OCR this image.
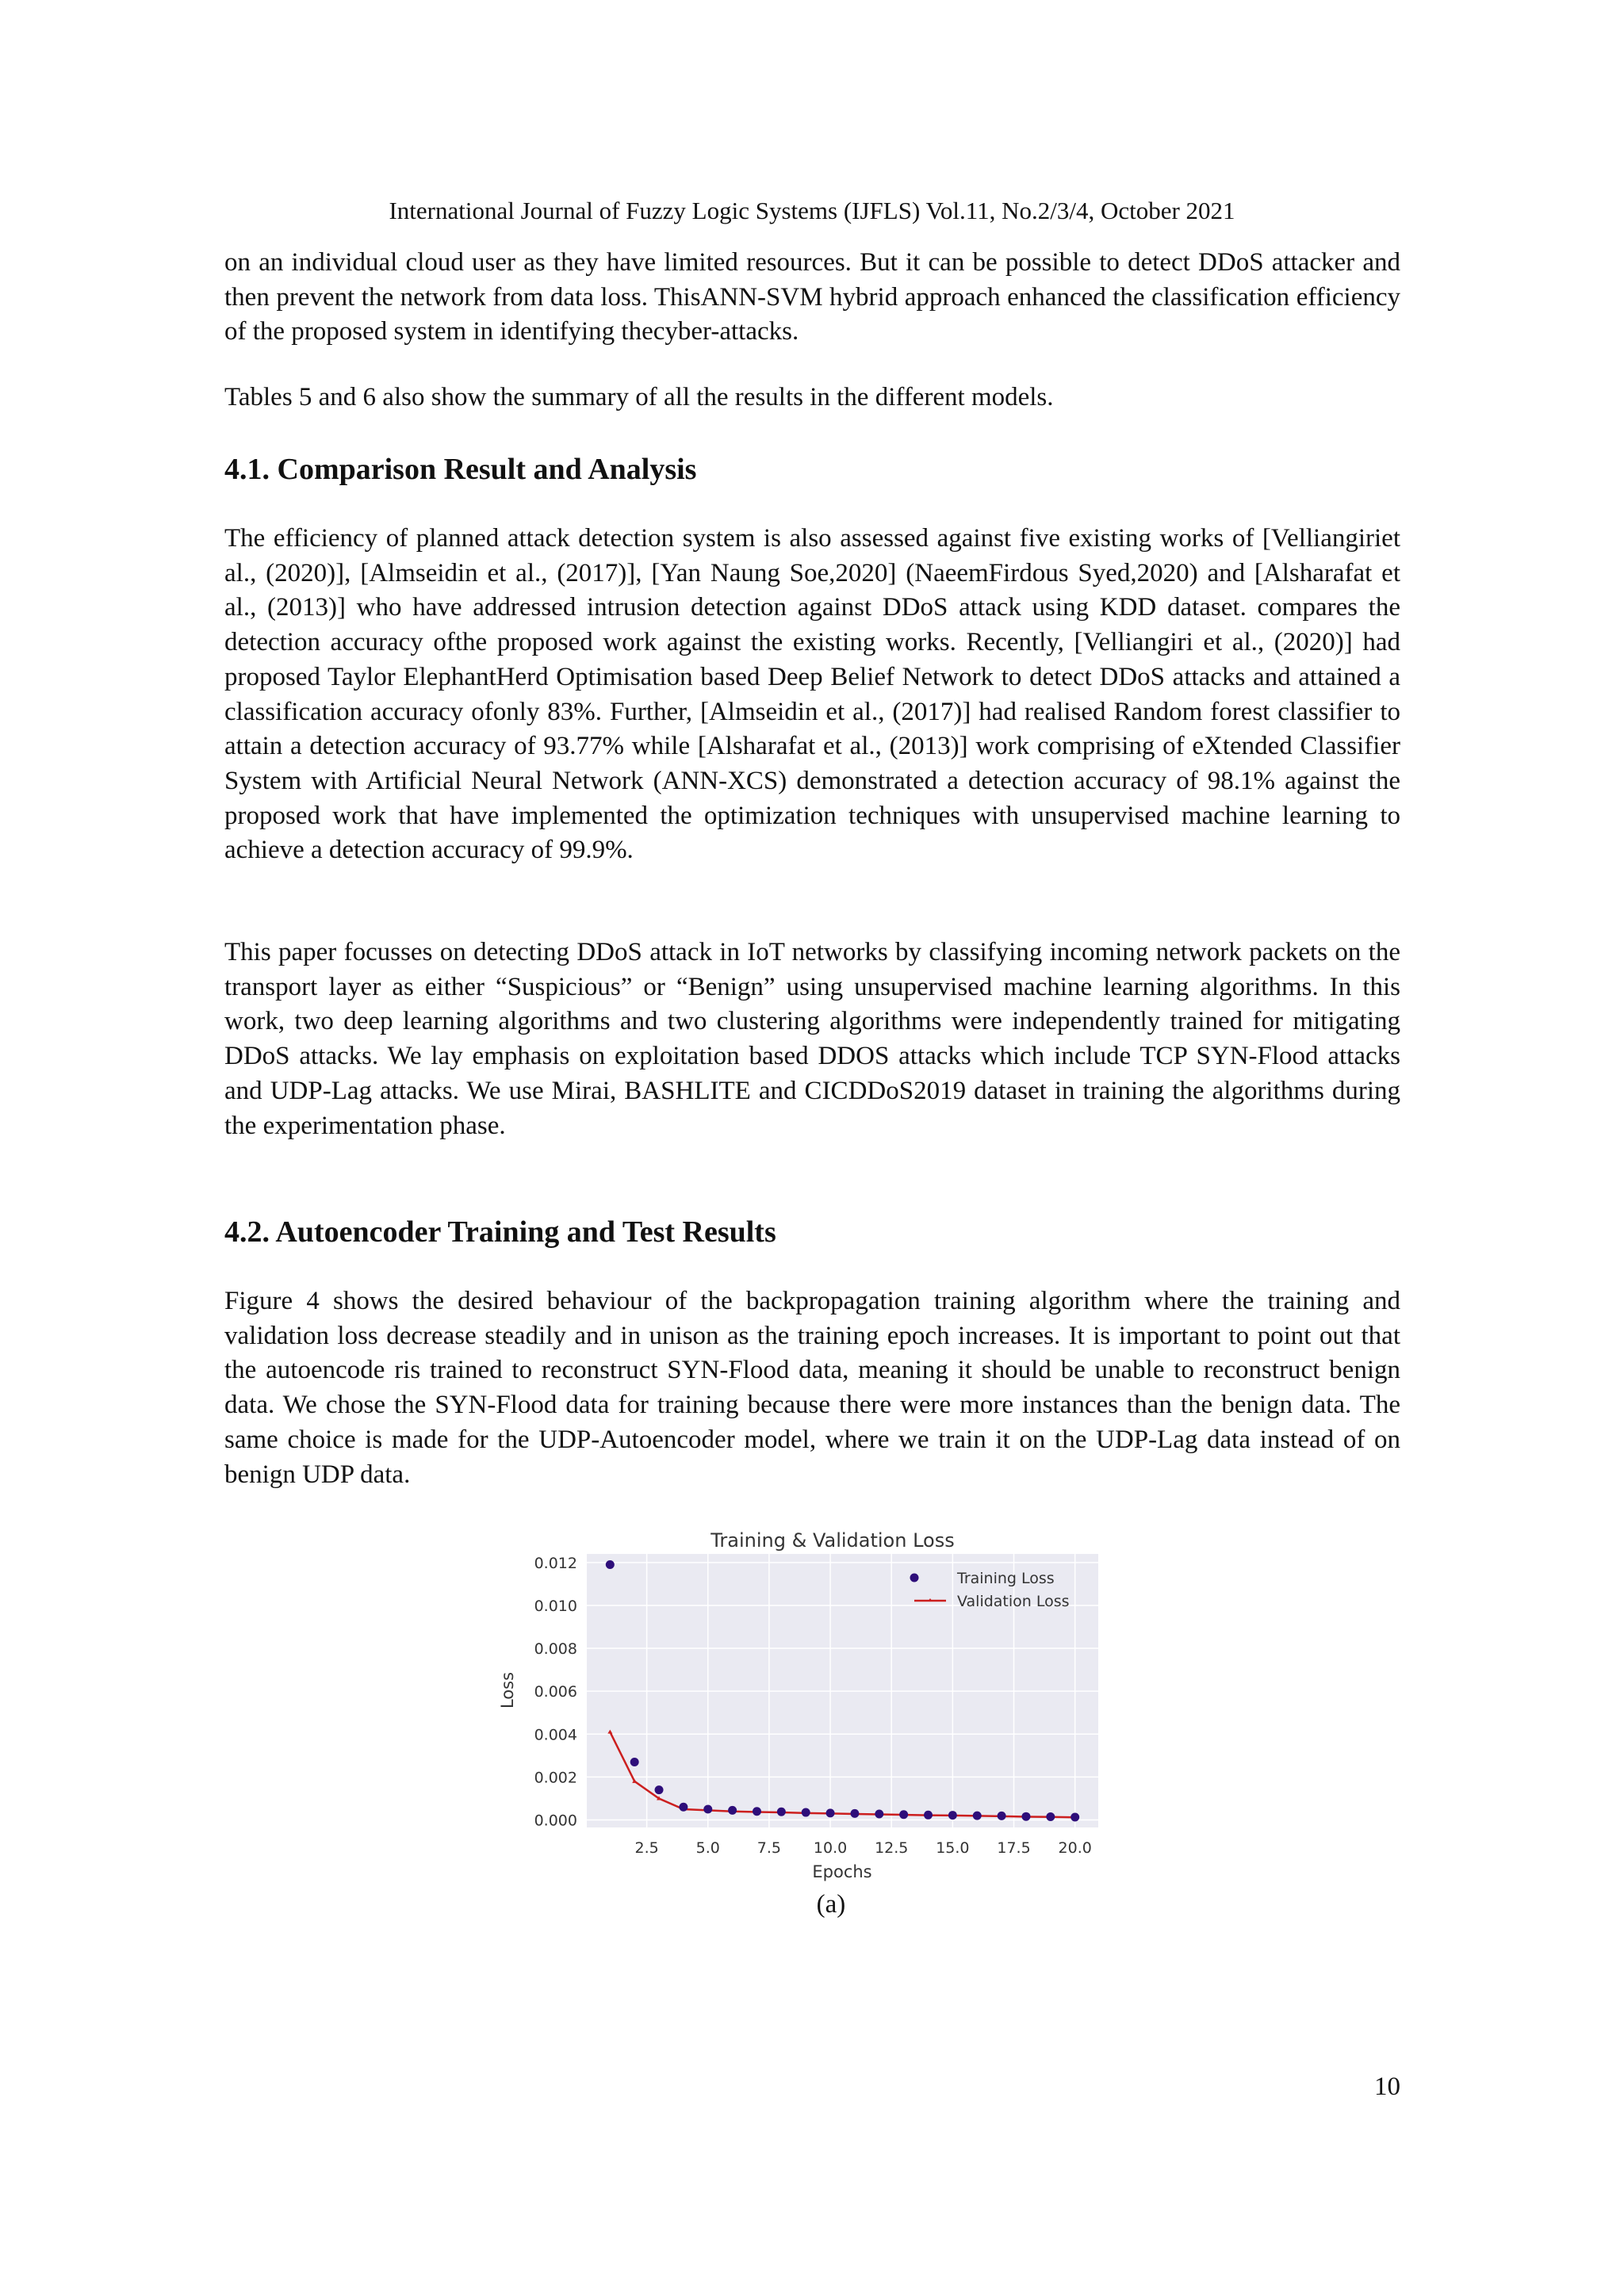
International Journal of Fuzzy Logic Systems (IJFLS) Vol.11, No.2/3/4, October 2021

on an individual cloud user as they have limited resources. But it can be possible to detect DDoS attacker and then prevent the network from data loss. ThisANN-SVM hybrid approach enhanced the classification efficiency of the proposed system in identifying thecyber-attacks.

Tables 5 and 6 also show the summary of all the results in the different models.

4.1. Comparison Result and Analysis

The efficiency of planned attack detection system is also assessed against five existing works of [Velliangiriet al., (2020)], [Almseidin et al., (2017)], [Yan Naung Soe,2020] (NaeemFirdous Syed,2020) and [Alsharafat et al., (2013)] who have addressed intrusion detection against DDoS attack using KDD dataset. compares the detection accuracy ofthe proposed work against the existing works. Recently, [Velliangiri et al., (2020)] had proposed Taylor ElephantHerd Optimisation based Deep Belief Network to detect DDoS attacks and attained a classification accuracy ofonly 83%. Further, [Almseidin et al., (2017)] had realised Random forest classifier to attain a detection accuracy of 93.77% while [Alsharafat et al., (2013)] work comprising of eXtended Classifier System with Artificial Neural Network (ANN-XCS) demonstrated a detection accuracy of 98.1% against the proposed work that have implemented the optimization techniques with unsupervised machine learning to achieve a detection accuracy of 99.9%.

This paper focusses on detecting DDoS attack in IoT networks by classifying incoming network packets on the transport layer as either “Suspicious” or “Benign” using unsupervised machine learning algorithms. In this work, two deep learning algorithms and two clustering algorithms were independently trained for mitigating DDoS attacks. We lay emphasis on exploitation based DDOS attacks which include TCP SYN-Flood attacks and UDP-Lag attacks. We use Mirai, BASHLITE and CICDDoS2019 dataset in training the algorithms during the experimentation phase.

4.2. Autoencoder Training and Test Results

Figure 4 shows the desired behaviour of the backpropagation training algorithm where the training and validation loss decrease steadily and in unison as the training epoch increases. It is important to point out that the autoencode ris trained to reconstruct SYN-Flood data, meaning it should be unable to reconstruct benign data. We chose the SYN-Flood data for training because there were more instances than the benign data. The same choice is made for the UDP-Autoencoder model, where we train it on the UDP-Lag data instead of on benign UDP data.

Training & Validation Loss
2.5 5.0 7.5 10.0 12.5 15.0 17.5 20.0
0.000
0.002
0.004
0.006
0.008
0.010
0.012
Epochs
Loss
Training Loss
Validation Loss
(a)
10
